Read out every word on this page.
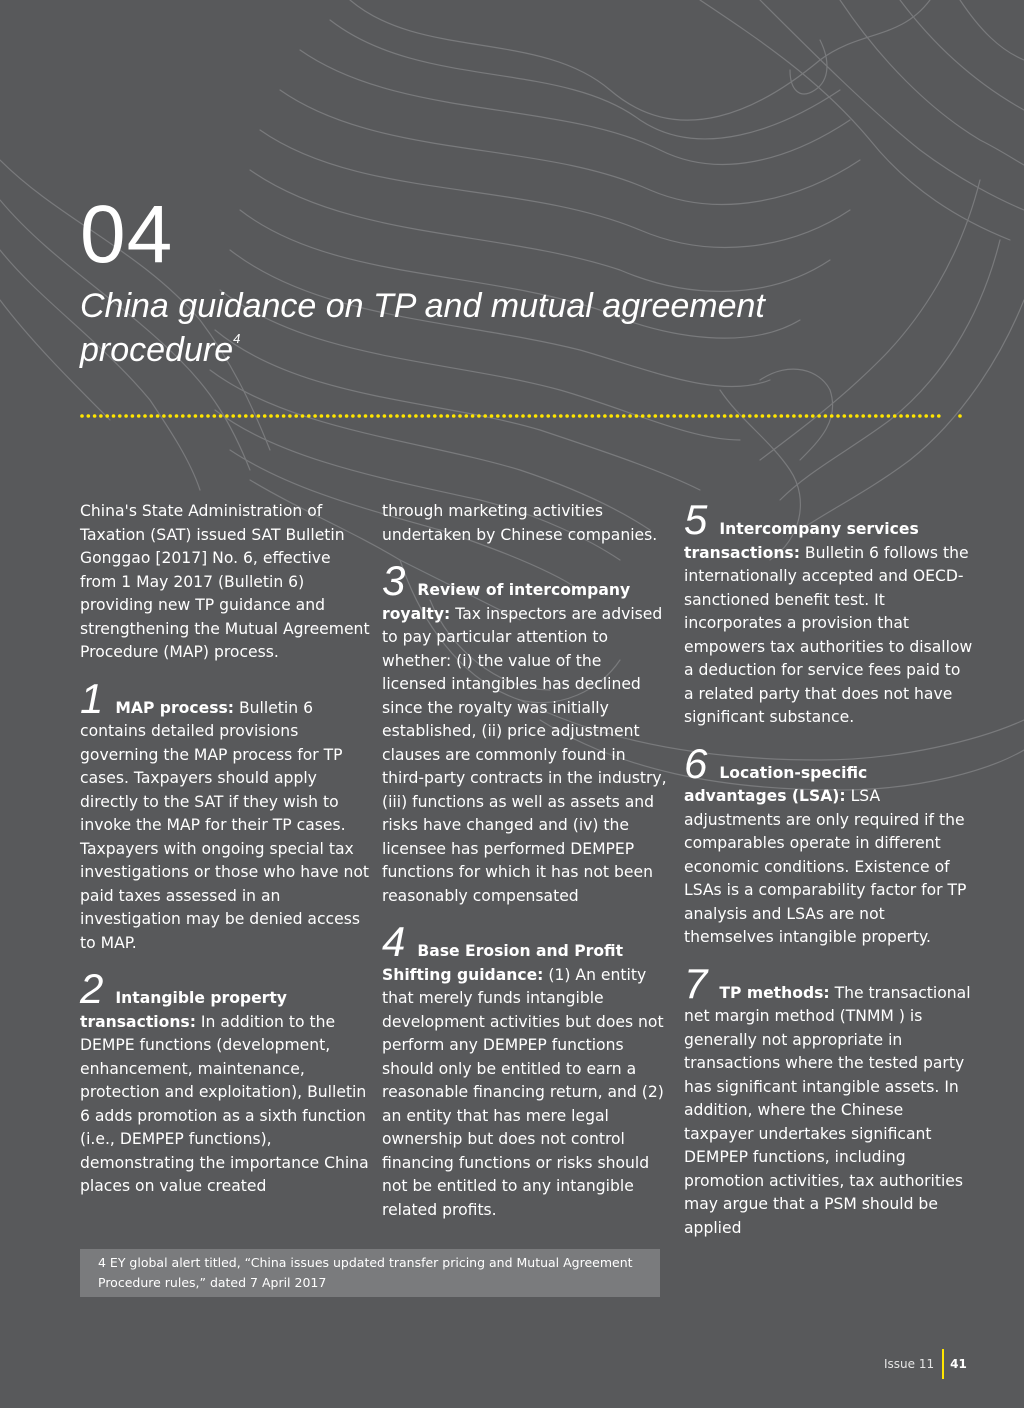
04
China guidance on TP and mutual agreement procedure$^4$

China's State Administration of Taxation (SAT) issued SAT Bulletin Gonggao [2017] No. 6, effective from 1 May 2017 (Bulletin 6) providing new TP guidance and strengthening the Mutual Agreement Procedure (MAP) process.

1 MAP process: Bulletin 6 contains detailed provisions governing the MAP process for TP cases. Taxpayers should apply directly to the SAT if they wish to invoke the MAP for their TP cases. Taxpayers with ongoing special tax investigations or those who have not paid taxes assessed in an investigation may be denied access to MAP.

2 Intangible property transactions: In addition to the DEMPE functions (development, enhancement, maintenance, protection and exploitation), Bulletin 6 adds promotion as a sixth function (i.e., DEMPEP functions), demonstrating the importance China places on value created

through marketing activities undertaken by Chinese companies.

3 Review of intercompany royalty: Tax inspectors are advised to pay particular attention to whether: (i) the value of the licensed intangibles has declined since the royalty was initially established, (ii) price adjustment clauses are commonly found in third-party contracts in the industry, (iii) functions as well as assets and risks have changed and (iv) the licensee has performed DEMPEP functions for which it has not been reasonably compensated

4 Base Erosion and Profit Shifting guidance: (1) An entity that merely funds intangible development activities but does not perform any DEMPEP functions should only be entitled to earn a reasonable financing return, and (2) an entity that has mere legal ownership but does not control financing functions or risks should not be entitled to any intangible related profits.

5 Intercompany services transactions: Bulletin 6 follows the internationally accepted and OECD-sanctioned benefit test. It incorporates a provision that empowers tax authorities to disallow a deduction for service fees paid to a related party that does not have significant substance.

6 Location-specific advantages (LSA): LSA adjustments are only required if the comparables operate in different economic conditions. Existence of LSAs is a comparability factor for TP analysis and LSAs are not themselves intangible property.

7 TP methods: The transactional net margin method (TNMM ) is generally not appropriate in transactions where the tested party has significant intangible assets. In addition, where the Chinese taxpayer undertakes significant DEMPEP functions, including promotion activities, tax authorities may argue that a PSM should be applied

4 EY global alert titled, “China issues updated transfer pricing and Mutual Agreement Procedure rules,” dated 7 April 2017
Issue 11 41
